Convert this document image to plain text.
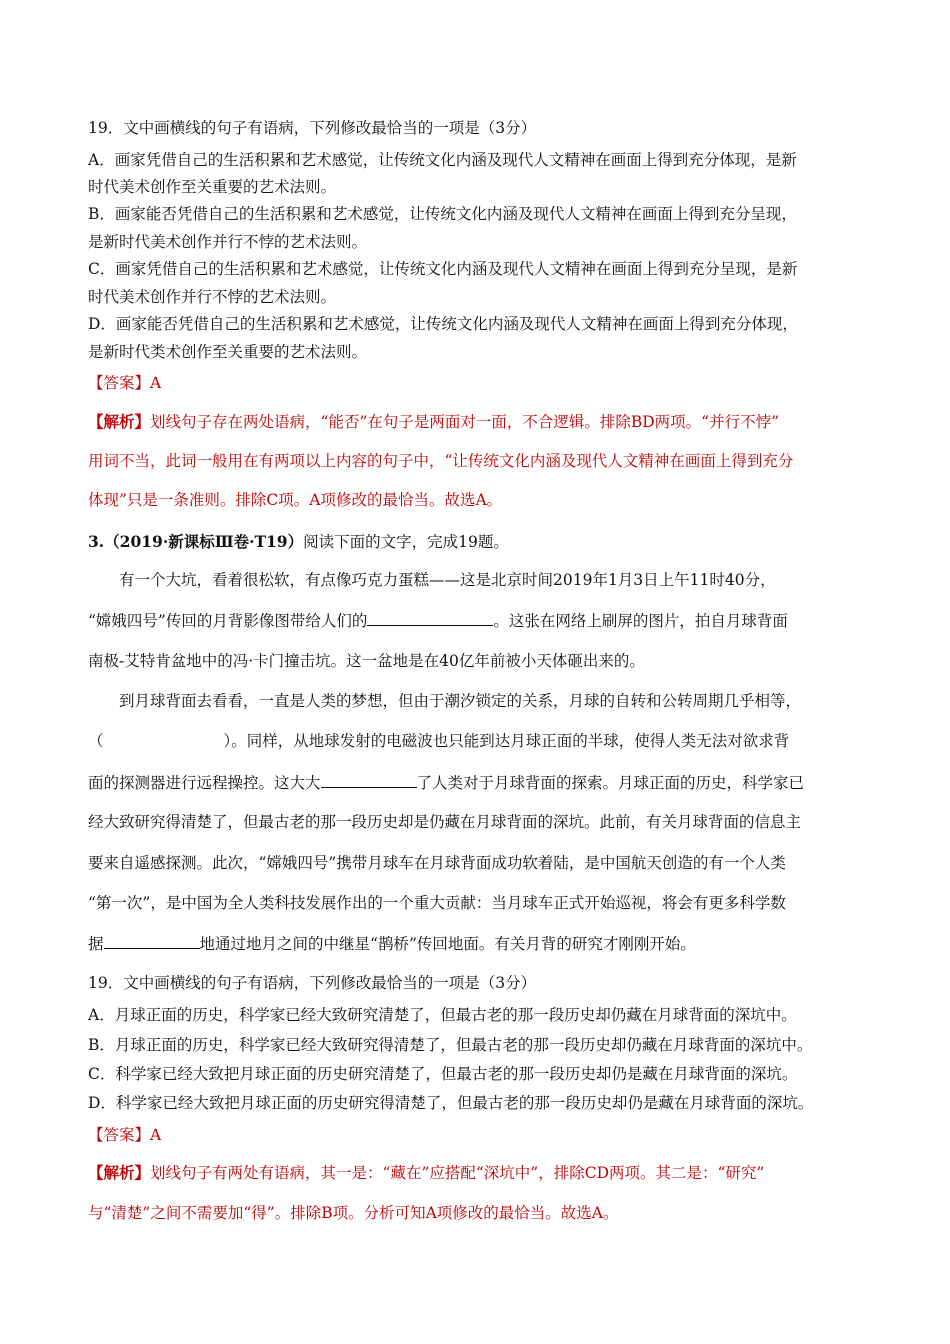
19．文中画横线的句子有语病，下列修改最恰当的一项是（3分）
A．画家凭借自己的生活积累和艺术感觉，让传统文化内涵及现代人文精神在画面上得到充分体现，是新
时代美术创作至关重要的艺术法则。
B．画家能否凭借自己的生活积累和艺术感觉，让传统文化内涵及现代人文精神在画面上得到充分呈现，
是新时代美术创作并行不悖的艺术法则。
C．画家凭借自己的生活积累和艺术感觉，让传统文化内涵及现代人文精神在画面上得到充分呈现，是新
时代美术创作并行不悖的艺术法则。
D．画家能否凭借自己的生活积累和艺术感觉，让传统文化内涵及现代人文精神在画面上得到充分体现，
是新时代类术创作至关重要的艺术法则。
【答案】A
【解析】划线句子存在两处语病，“能否”在句子是两面对一面，不合逻辑。排除BD两项。“并行不悖”
用词不当，此词一般用在有两项以上内容的句子中，“让传统文化内涵及现代人文精神在画面上得到充分
体现”只是一条准则。排除C项。A项修改的最恰当。故选A。
3.（2019·新课标Ⅲ卷·T19）阅读下面的文字，完成19题。
有一个大坑，看着很松软，有点像巧克力蛋糕——这是北京时间2019年1月3日上午11时40分，
“嫦娥四号”传回的月背影像图带给人们的	。这张在网络上刷屏的图片，拍自月球背面
南极-艾特肯盆地中的冯·卡门撞击坑。这一盆地是在40亿年前被小天体砸出来的。
到月球背面去看看，一直是人类的梦想，但由于潮汐锁定的关系，月球的自转和公转周期几乎相等，
（	）。同样，从地球发射的电磁波也只能到达月球正面的半球，使得人类无法对欲求背
面的探测器进行远程操控。这大大	了人类对于月球背面的探索。月球正面的历史，科学家已
经大致研究得清楚了，但最古老的那一段历史却是仍藏在月球背面的深坑。此前，有关月球背面的信息主
要来自遥感探测。此次，“嫦娥四号”携带月球车在月球背面成功软着陆，是中国航天创造的有一个人类
“第一次”，是中国为全人类科技发展作出的一个重大贡献：当月球车正式开始巡视，将会有更多科学数
据	地通过地月之间的中继星“鹊桥”传回地面。有关月背的研究才刚刚开始。
19．文中画横线的句子有语病，下列修改最恰当的一项是（3分）
A．月球正面的历史，科学家已经大致研究清楚了，但最古老的那一段历史却仍藏在月球背面的深坑中。
B．月球正面的历史，科学家已经大致研究得清楚了，但最古老的那一段历史却仍藏在月球背面的深坑中。
C．科学家已经大致把月球正面的历史研究清楚了，但最古老的那一段历史却仍是藏在月球背面的深坑。
D．科学家已经大致把月球正面的历史研究得清楚了，但最古老的那一段历史却仍是藏在月球背面的深坑。
【答案】A
【解析】划线句子有两处有语病，其一是：“藏在”应搭配“深坑中”，排除CD两项。其二是：“研究”
与“清楚”之间不需要加“得”。排除B项。分析可知A项修改的最恰当。故选A。
